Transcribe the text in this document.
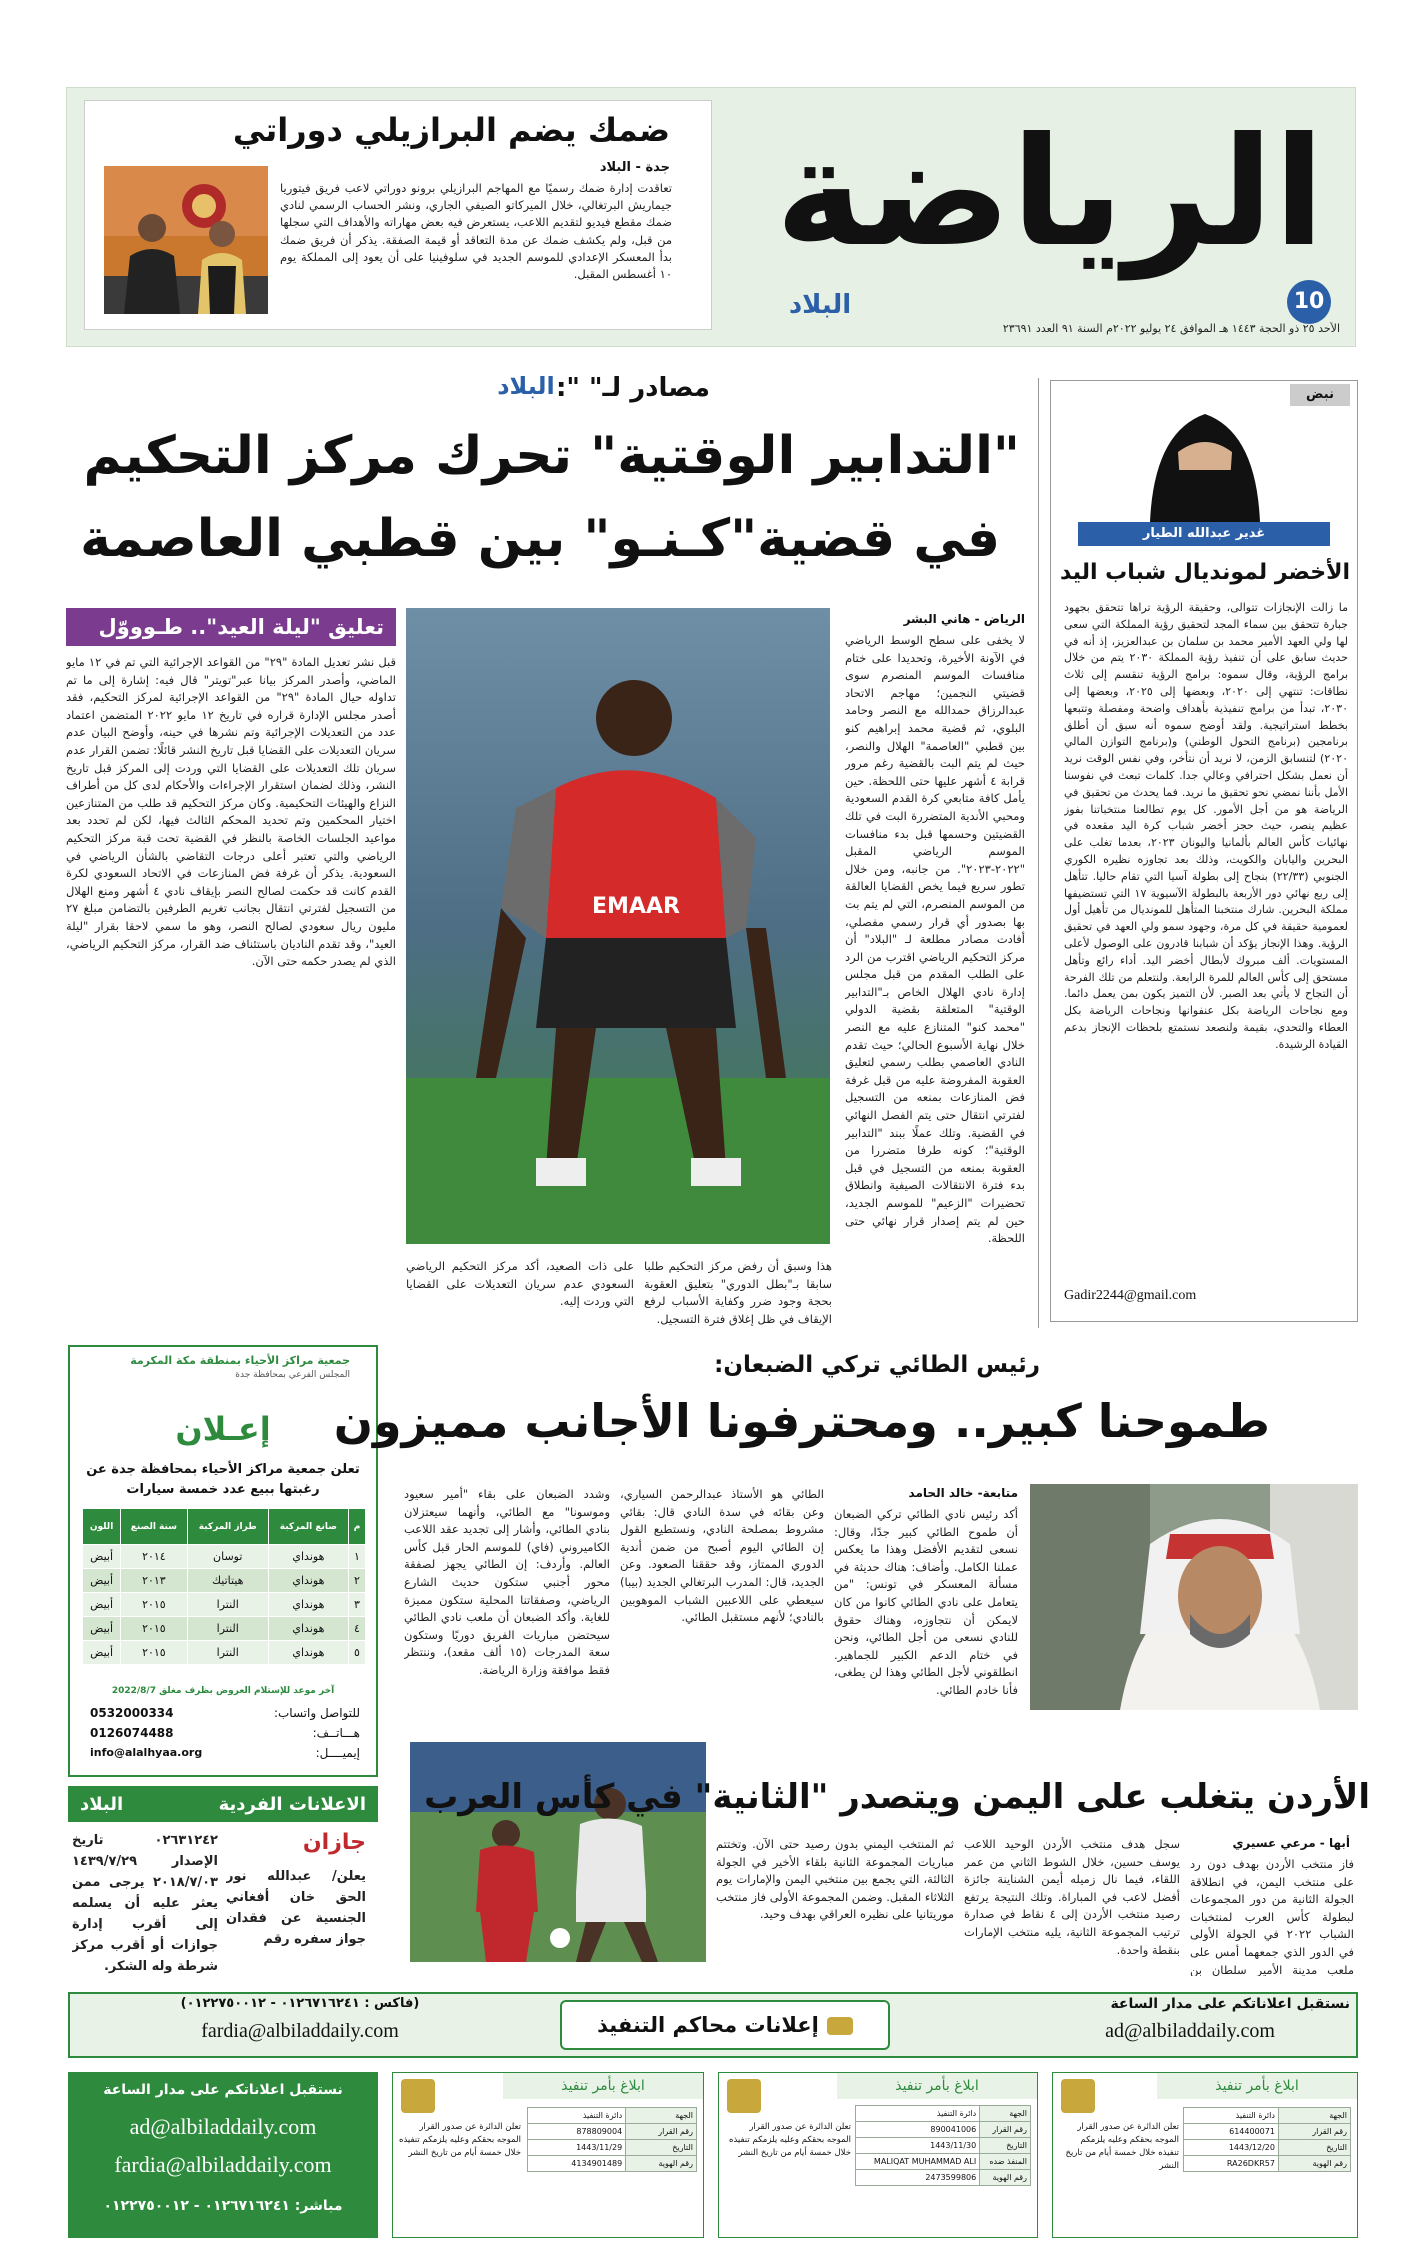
الرياضة
البلاد	10
الأحد ٢٥ ذو الحجة ١٤٤٣ هـ الموافق ٢٤ يوليو ٢٠٢٢م السنة ٩١ العدد ٢٣٦٩١
ضمك يضم البرازيلي دوراتي
جدة - البلاد
تعاقدت إدارة ضمك رسميًا مع المهاجم البرازيلي برونو دوراتي لاعب فريق فيتوريا جيماريش البرتغالي، خلال الميركاتو الصيفي الجاري، ونشر الحساب الرسمي لنادي ضمك مقطع فيديو لتقديم اللاعب، يستعرض فيه بعض مهاراته والأهداف التي سجلها من قبل، ولم يكشف ضمك عن مدة التعاقد أو قيمة الصفقة. يذكر أن فريق ضمك بدأ المعسكر الإعدادي للموسم الجديد في سلوفينيا على أن يعود إلى المملكة يوم ١٠ أغسطس المقبل.
مصادر لـ" ":
البلاد
"التدابير الوقتية" تحرك مركز التحكيم
في قضية"كـنـو" بين قطبي العاصمة
EMAAR
الرياض - هاني البشر
لا يخفى على سطح الوسط الرياضي في الآونة الأخيرة، وتحديدا على ختام منافسات الموسم المنصرم سوى قضيتي النجمين؛ مهاجم الاتحاد عبدالرزاق حمدالله مع النصر وحامد البلوي، ثم قضية محمد إبراهيم كنو بين قطبي "العاصمة" الهلال والنصر، حيث لم يتم البت بالقضية رغم مرور قرابة ٤ أشهر عليها حتى اللحظة. حين يأمل كافة متابعي كرة القدم السعودية ومحبي الأندية المتضررة البت في تلك القضيتين وحسمها قبل بدء منافسات الموسم الرياضي المقبل "٢٠٢٢-٢٠٢٣". من جانبه، ومن خلال تطور سريع فيما يخص القضايا العالقة من الموسم المنصرم، التي لم يتم بت بها بصدور أي قرار رسمي مفصلي، أفادت مصادر مطلعة لـ "البلاد" أن مركز التحكيم الرياضي اقترب من الرد على الطلب المقدم من قبل مجلس إدارة نادي الهلال الخاص بـ"التدابير الوقتية" المتعلقة بقضية الدولي "محمد كنو" المتنازع عليه مع النصر خلال نهاية الأسبوع الحالي؛ حيث تقدم النادي العاصمي بطلب رسمي لتعليق العقوبة المفروضة عليه من قبل غرفة فض المنازعات بمنعه من التسجيل لفترتي انتقال حتى يتم الفصل النهائي في القضية. وتلك عملًا ببند "التدابير الوقتية"؛ كونه طرفا متضررا من العقوبة بمنعه من التسجيل في قبل بدء فترة الانتقالات الصيفية وانطلاق تحضيرات "الزعيم" للموسم الجديد، حين لم يتم إصدار قرار نهائي حتى اللحظة.
هذا وسبق أن رفض مركز التحكيم طلبا سابقا بـ"بطل الدوري" بتعليق العقوبة بحجة وجود ضرر وكفاية الأسباب لرفع الإيقاف في ظل إغلاق فترة التسجيل.
على ذات الصعيد، أكد مركز التحكيم الرياضي السعودي عدم سريان التعديلات على القضايا التي وردت إليه.
تعليق "ليلة العيد".. طـوووّل
قبل نشر تعديل المادة "٢٩" من القواعد الإجرائية التي تم في ١٢ مايو الماضي، وأصدر المركز بيانا عبر"تويتر" قال فيه: إشارة إلى ما تم تداوله حيال المادة "٢٩" من القواعد الإجرائية لمركز التحكيم، فقد أصدر مجلس الإدارة قراره في تاريخ ١٢ مايو ٢٠٢٢ المتضمن اعتماد عدد من التعديلات الإجرائية وتم نشرها في حينه، وأوضح البيان عدم سريان التعديلات على القضايا قبل تاريخ النشر قائلًا: تضمن القرار عدم سريان تلك التعديلات على القضايا التي وردت إلى المركز قبل تاريخ النشر، وذلك لضمان استقرار الإجراءات والأحكام لدى كل من أطراف النزاع والهيئات التحكيمية. وكان مركز التحكيم قد طلب من المتنازعين اختيار المحكمين وتم تحديد المحكم الثالث فيها، لكن لم تحدد بعد مواعيد الجلسات الخاصة بالنظر في القضية تحت قبة مركز التحكيم الرياضي والتي تعتبر أعلى درجات التقاضي بالشأن الرياضي في السعودية. يذكر أن غرفة فض المنازعات في الاتحاد السعودي لكرة القدم كانت قد حكمت لصالح النصر بإيقاف نادي ٤ أشهر ومنع الهلال من التسجيل لفترتي انتقال بجانب تغريم الطرفين بالتضامن مبلغ ٢٧ مليون ريال سعودي لصالح النصر، وهو ما سمي لاحقا بقرار "ليلة العيد"، وقد تقدم الناديان باستئناف ضد القرار، مركز التحكيم الرياضي، الذي لم يصدر حكمه حتى الآن.
نبض
غدير عبدالله الطيار
الأخضر لمونديال شباب اليد
ما زالت الإنجازات تتوالى، وحقيقة الرؤية تراها تتحقق بجهود جبارة تتحقق بين سماء المجد لتحقيق رؤية المملكة التي سعى لها ولي العهد الأمير محمد بن سلمان بن عبدالعزيز، إذ أنه في حديث سابق على أن تنفيذ رؤية المملكة ٢٠٣٠ يتم من خلال برامج الرؤية، وقال سموه: برامج الرؤية تنقسم إلى ثلاث نطاقات: تنتهي إلى ٢٠٢٠، وبعضها إلى ٢٠٢٥، وبعضها إلى ٢٠٣٠، تبدأ من برامج تنفيذية بأهداف واضحة ومفصلة وتتبعها بخطط استراتيجية. ولقد أوضح سموه أنه سبق أن أطلق برنامجين (برنامج التحول الوطني) و(برنامج التوازن المالي ٢٠٢٠) لتنسابق الزمن، لا نريد أن نتأخر، وفي نفس الوقت نريد أن نعمل بشكل احترافي وعالي جدا. كلمات تبعث في نفوسنا الأمل بأننا نمضي نحو تحقيق ما نريد. فما يحدث من تحقيق في الرياضة هو من أجل الأمور. كل يوم تطالعنا منتخباتنا بفوز عظيم ينصر، حيث حجز أخضر شباب كرة اليد مقعده في نهائيات كأس العالم بألمانيا واليونان ٢٠٢٣، بعدما تغلب على البحرين واليابان والكويت، وذلك بعد تجاوزه نظيره الكوري الجنوبي (٢٢/٣٣) بنجاح إلى بطولة آسيا التي تقام حاليا. تتأهل إلى ربع نهائي دور الأربعة بالبطولة الآسيوية ١٧ التي تستضيفها مملكة البحرين. شارك منتخبنا المتأهل للمونديال من تأهيل أول لعمومية حقيقة في كل مرة، وجهود سمو ولي العهد في تحقيق الرؤية. وهذا الإنجاز يؤكد أن شبابنا قادرون على الوصول لأعلى المستويات. ألف مبروك لأبطال أخضر اليد. أداء رائع وتأهل مستحق إلى كأس العالم للمرة الرابعة. ولنتعلم من تلك الفرحة أن التجاح لا يأتي بعد الصبر. لأن التميز يكون بمن يعمل دائما. ومع نجاحات الرياضة بكل عنفوانها ونجاحات الرياضة بكل العطاء والتحدي، بقيمة ولنصعد نستمتع بلحظات الإنجاز بدعم القيادة الرشيدة.
Gadir2244@gmail.com
جمعية مراكز الأحياء بمنطقة مكة المكرمة
المجلس الفرعي بمحافظة جدة
إعـلان
تعلن جمعية مراكز الأحياء بمحافظة جدة عن رغبتها ببيع عدد خمسة سيارات
م	صانع المركبة	طراز المركبة	سنة الصنع	اللون
١	هونداي	توسان	٢٠١٤	أبيض
٢	هونداي	هيتاتيك	٢٠١٣	أبيض
٣	هونداي	النترا	٢٠١٥	أبيض
٤	هونداي	النترا	٢٠١٥	أبيض
٥	هونداي	النترا	٢٠١٥	أبيض
آخر موعد للإستلام العروض بظرف مغلق 2022/8/7
0532000334	للتواصل واتساب:
0126074488	هـــاتــف:
info@alalhyaa.org	إيميــــل:
البلاد	الاعلانات الفردية
جازان
يعلن/ عبدالله نور الحق خان أفغاني الجنسية عن فقدان جواز سفره رقم
٠٢٦٣١٢٤٢ تاريخ الإصدار ١٤٣٩/٧/٢٩ ٢٠١٨/٧/٠٣ يرجى ممن يعثر عليه أن يسلمه إلى أقرب إدارة جوازات أو أقرب مركز شرطة وله الشكر.
رئيس الطائي تركي الضبعان:
طموحنا كبير.. ومحترفونا الأجانب مميزون
متابعة- خالد الحامد
أكد رئيس نادي الطائي تركي الضبعان أن طموح الطائي كبير جدًا، وقال: نسعى لتقديم الأفضل وهذا ما يعكس عملنا الكامل. وأضاف: هناك حديثة في مسألة المعسكر في تونس: "من يتعامل على نادي الطائي كانوا من كان لايمكن أن نتجاوزه، وهناك حقوق للنادي نسعى من أجل الطائي، ونحن في ختام الدعم الكبير للجماهير. انطلقوني لأجل الطائي وهذا لن يطغى، فأنا خادم الطائي.
الطائي هو الأستاذ عبدالرحمن السياري، وعن بقائه في سدة النادي قال: بقائي مشروط بمصلحة النادي، ونستطيع القول إن الطائي اليوم أصبح من ضمن أندية الدوري الممتاز، وقد حققنا الصعود. وعن الجديد، قال: المدرب البرتغالي الجديد (بيبا) سيعطي على اللاعبين الشباب الموهوبين بالنادي؛ لأنهم مستقبل الطائي.
وشدد الضبعان على بقاء "أمير سعيود وموسونا" مع الطائي، وأنهما سيعتزلان بنادي الطائي، وأشار إلى تجديد عقد اللاعب الكاميروني (فاي) للموسم الحار قبل كأس العالم. وأردف: إن الطائي يجهز لصفقة محور أجنبي ستكون حديث الشارع الرياضي، وصفقاتنا المحلية ستكون مميزة للغاية. وأكد الضبعان أن ملعب نادي الطائي سيحتضن مباريات الفريق دوريًا وستكون سعة المدرجات (١٥ ألف مقعد)، وننتظر فقط موافقة وزارة الرياضة.
الأردن يتغلب على اليمن ويتصدر "الثانية" في كأس العرب
أبها - مرعي عسيري
فاز منتخب الأردن بهدف دون رد على منتخب اليمن، في انطلاقة الجولة الثانية من دور المجموعات لبطولة كأس العرب لمنتخبات الشباب ٢٠٢٢ في الجولة الأولى في الدور الذي جمعهما أمس على ملعب مدينة الأمير سلطان بن
سجل هدف منتخب الأردن الوحيد اللاعب يوسف حسين، خلال الشوط الثاني من عمر اللقاء، فيما نال زميله أيمن الشناينة جائزة أفضل لاعب في المباراة. وتلك النتيجة يرتفع رصيد منتخب الأردن إلى ٤ نقاط في صدارة ترتيب المجموعة الثانية، يليه منتخب الإمارات بنقطة واحدة.
ثم المنتخب اليمني بدون رصيد حتى الآن. وتختتم مباريات المجموعة الثانية بلقاء الأخير في الجولة الثالثة، التي يجمع بين منتخبي اليمن والإمارات يوم الثلاثاء المقبل. وضمن المجموعة الأولى فاز منتخب موريتانيا على نظيره العراقي بهدف وحيد.
نستقبل اعلاناتكم على مدار الساعة
ad@albiladdaily.com
إعلانات محاكم التنفيذ
(فاكس : ٠١٢٦٧١٦٢٤١ - ٠١٢٢٧٥٠٠١٢)
fardia@albiladdaily.com
نستقبل اعلاناتكم على مدار الساعة
ad@albiladdaily.com
fardia@albiladdaily.com
مباشر: ٠١٢٦٧١٦٢٤١ - ٠١٢٢٧٥٠٠١٢
ابلاغ بأمر تنفيذ
تعلن الدائرة عن صدور القرار الموجه بحقكم وعليه يلزمكم تنفيذه خلال خمسة أيام من تاريخ النشر
دائرة التنفيذ	الجهة
614400071	رقم القرار
1443/12/20	التاريخ
RA26DKR57	رقم الهوية
ابلاغ بأمر تنفيذ
تعلن الدائرة عن صدور القرار الموجه بحقكم وعليه يلزمكم تنفيذه خلال خمسة أيام من تاريخ النشر
دائرة التنفيذ	الجهة
890041006	رقم القرار
1443/11/30	التاريخ
MALIQAT MUHAMMAD ALI	المنفذ ضده
2473599806	رقم الهوية
ابلاغ بأمر تنفيذ
تعلن الدائرة عن صدور القرار الموجه بحقكم وعليه يلزمكم تنفيذه خلال خمسة أيام من تاريخ النشر
دائرة التنفيذ	الجهة
878809004	رقم القرار
1443/11/29	التاريخ
4134901489	رقم الهوية
